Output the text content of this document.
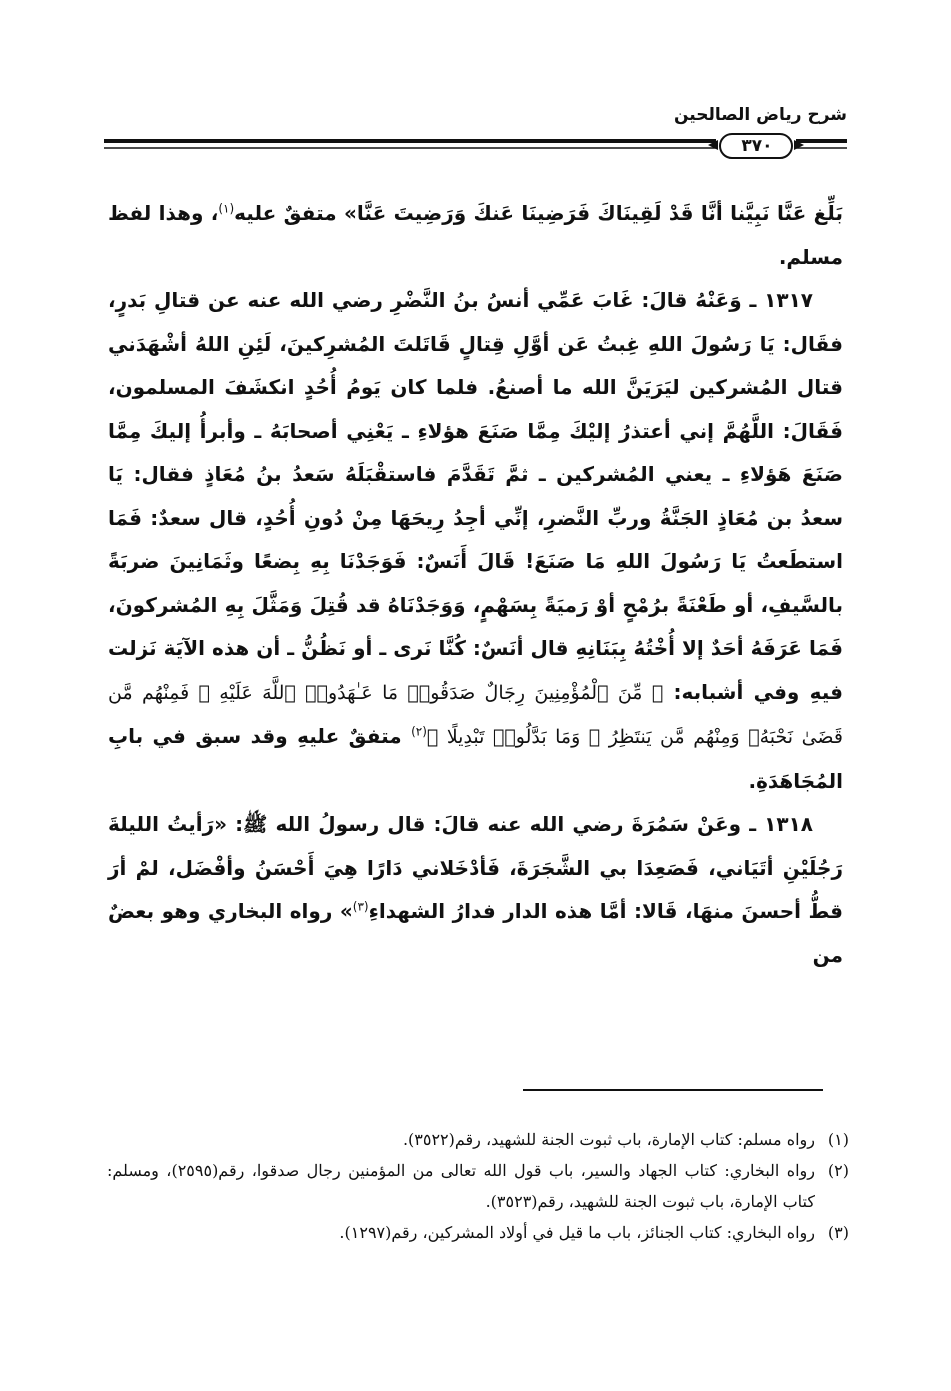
شرح رياض الصالحين
٣٧٠

بَلِّغ عَنَّا نَبِيَّنا أنَّا قَدْ لَقِينَاكَ فَرَضِينَا عَنكَ وَرَضِيتَ عَنَّا» متفقٌ عليه$^{(١)}$، وهذا لفظ مسلم.

١٣١٧ ـ وَعَنْهُ قالَ: غَابَ عَمِّي أنسُ بنُ النَّضْرِ رضي الله عنه عن قتالِ بَدرٍ، فقَال: يَا رَسُولَ اللهِ غِبتُ عَن أوَّلِ قِتالٍ قَاتَلتَ المُشرِكينَ، لَئِنِ اللهُ أشْهَدَني قتال المُشركين ليَرَيَنَّ الله ما أصنعُ. فلما كان يَومُ أُحُدٍ انكشَفَ المسلمون، فَقَالَ: اللَّهُمَّ إني أعتذرُ إليْكَ مِمَّا صَنَعَ هؤلاءِ ـ يَعْنِي أصحابَهُ ـ وأبرأُ إليكَ مِمَّا صَنَعَ هَؤلاءِ ـ يعني المُشركين ـ ثمَّ تَقَدَّمَ فاستقْبَلَهُ سَعدُ بنُ مُعَاذٍ فقال: يَا سعدُ بن مُعَاذٍ الجَنَّةُ وربِّ النَّضرِ، إنِّي أجِدُ رِيحَهَا مِنْ دُونِ أُحُدٍ، قال سعدٌ: فَمَا استطَعتُ يَا رَسُولَ اللهِ مَا صَنَعَ! قَالَ أَنَسٌ: فَوَجَدْنَا بِهِ بِضعًا وثَمَانِينَ ضربَةً بالسَّيفِ، أو طَعْنَةً برُمْحٍ أوْ رَميَةً بِسَهْمٍ، وَوَجَدْنَاهُ قد قُتِلَ وَمَثَّلَ بِهِ المُشركونَ، فَمَا عَرَفَهُ أحَدٌ إلا أُخْتُهُ بِبَنَانِهِ قال أنَسٌ: كُنَّا نَرى ـ أو نَظُنُّ ـ أن هذه الآيَة نَزلت فيهِ وفي أشبابه: ﴿ مِّنَ ٱلْمُؤْمِنِينَ رِجَالٌ صَدَقُوا۟ مَا عَـٰهَدُوا۟ ٱللَّهَ عَلَيْهِ ۖ فَمِنْهُم مَّن قَضَىٰ نَحْبَهُۥ وَمِنْهُم مَّن يَنتَظِرُ ۖ وَمَا بَدَّلُوا۟ تَبْدِيلًا ﴾$^{(٢)}$ متفقٌ عليهِ وقد سبق في بابِ المُجَاهَدَةِ.

١٣١٨ ـ وعَنْ سَمُرَةَ رضي الله عنه قالَ: قال رسولُ الله ﷺ: «رَأيتُ الليلةَ رَجُلَيْنِ أتَيَاني، فَصَعِدَا بي الشَّجَرَةَ، فَأدْخَلاني دَارًا هِيَ أَحْسَنُ وأفْضَل، لمْ أرَ قطُّ أحسنَ منهَا، قَالا: أمَّا هذه الدار فدارُ الشهداءِ$^{(٣)}$» رواه البخاري وهو بعضٌ من

(١)
رواه مسلم: كتاب الإمارة، باب ثبوت الجنة للشهيد، رقم(٣٥٢٢).
(٢)
رواه البخاري: كتاب الجهاد والسير، باب قول الله تعالى من المؤمنين رجال صدقوا، رقم(٢٥٩٥)، ومسلم: كتاب الإمارة، باب ثبوت الجنة للشهيد، رقم(٣٥٢٣).
(٣)
رواه البخاري: كتاب الجنائز، باب ما قيل في أولاد المشركين، رقم(١٢٩٧).
